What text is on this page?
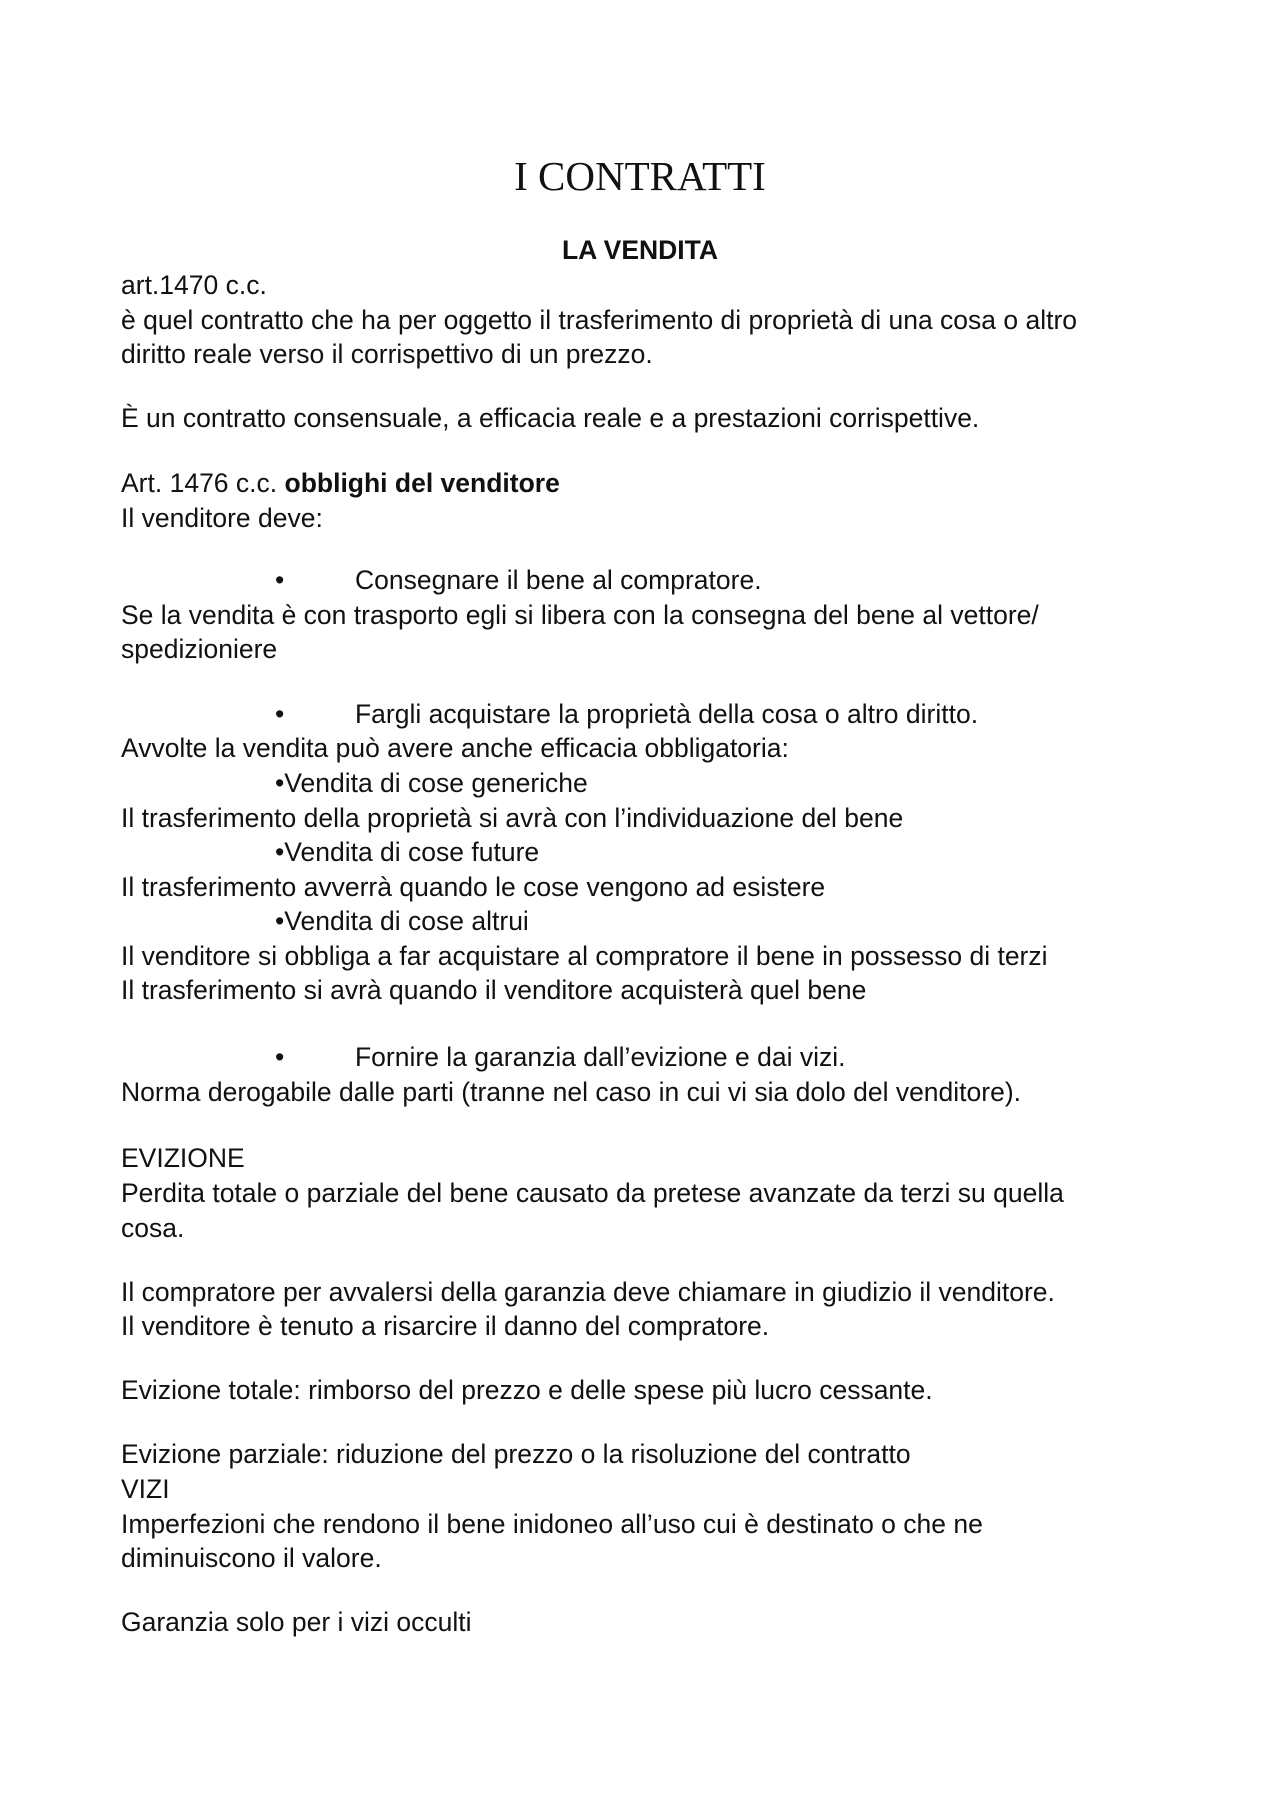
I CONTRATTI
LA VENDITA
art.1470 c.c.
è quel contratto che ha per oggetto il trasferimento di proprietà di una cosa o altro
diritto reale verso il corrispettivo di un prezzo.
È un contratto consensuale, a efficacia reale e a prestazioni corrispettive.
Art. 1476 c.c. obblighi del venditore
Il venditore deve:
•	Consegnare il bene al compratore.
Se la vendita è con trasporto egli si libera con la consegna del bene al vettore/
spedizioniere
•	Fargli acquistare la proprietà della cosa o altro diritto.
Avvolte la vendita può avere anche efficacia obbligatoria:
•Vendita di cose generiche
Il trasferimento della proprietà si avrà con l’individuazione del bene
•Vendita di cose future
Il trasferimento avverrà quando le cose vengono ad esistere
•Vendita di cose altrui
Il venditore si obbliga a far acquistare al compratore il bene in possesso di terzi
Il trasferimento si avrà quando il venditore acquisterà quel bene
•	Fornire la garanzia dall’evizione e dai vizi.
Norma derogabile dalle parti (tranne nel caso in cui vi sia dolo del venditore).
EVIZIONE
Perdita totale o parziale del bene causato da pretese avanzate da terzi su quella
cosa.
Il compratore per avvalersi della garanzia deve chiamare in giudizio il venditore.
Il venditore è tenuto a risarcire il danno del compratore.
Evizione totale: rimborso del prezzo e delle spese più lucro cessante.
Evizione parziale: riduzione del prezzo o la risoluzione del contratto
VIZI
Imperfezioni che rendono il bene inidoneo all’uso cui è destinato o che ne
diminuiscono il valore.
Garanzia solo per i vizi occulti
